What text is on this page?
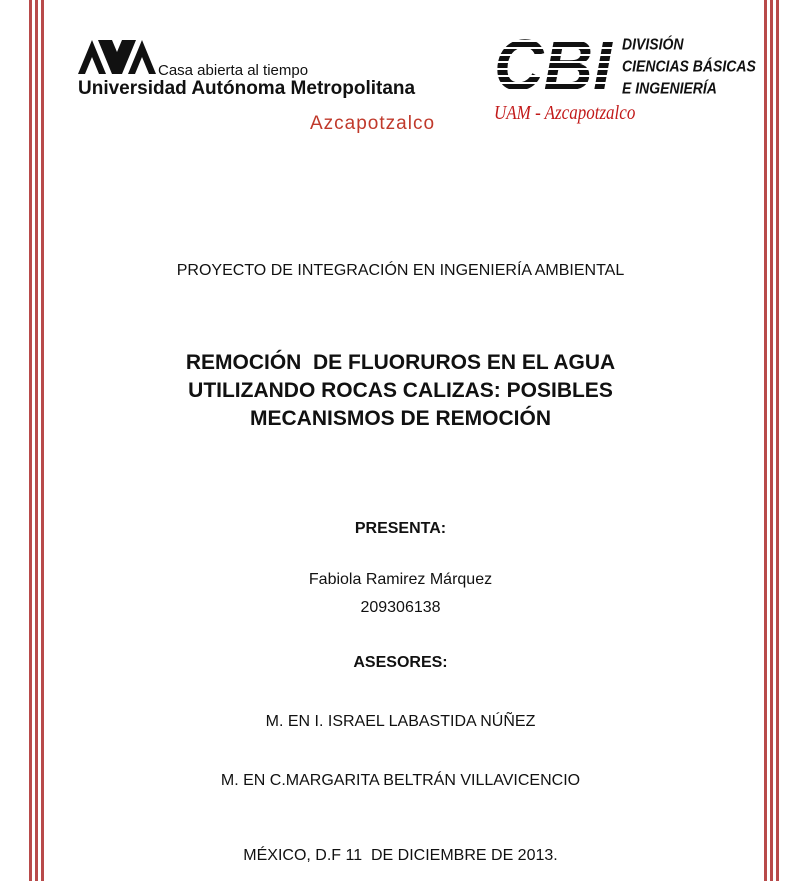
Casa abierta al tiempo
Universidad Autónoma Metropolitana
Azcapotzalco
CBI DIVISIÓN
CIENCIAS BÁSICAS
E INGENIERÍA
UAM - Azcapotzalco
PROYECTO DE INTEGRACIÓN EN INGENIERÍA AMBIENTAL
REMOCIÓN  DE FLUORUROS EN EL AGUA
UTILIZANDO ROCAS CALIZAS: POSIBLES
MECANISMOS DE REMOCIÓN
PRESENTA:
Fabiola Ramirez Márquez
209306138
ASESORES:
M. EN I. ISRAEL LABASTIDA NÚÑEZ
M. EN C.MARGARITA BELTRÁN VILLAVICENCIO
MÉXICO, D.F 11  DE DICIEMBRE DE 2013.
